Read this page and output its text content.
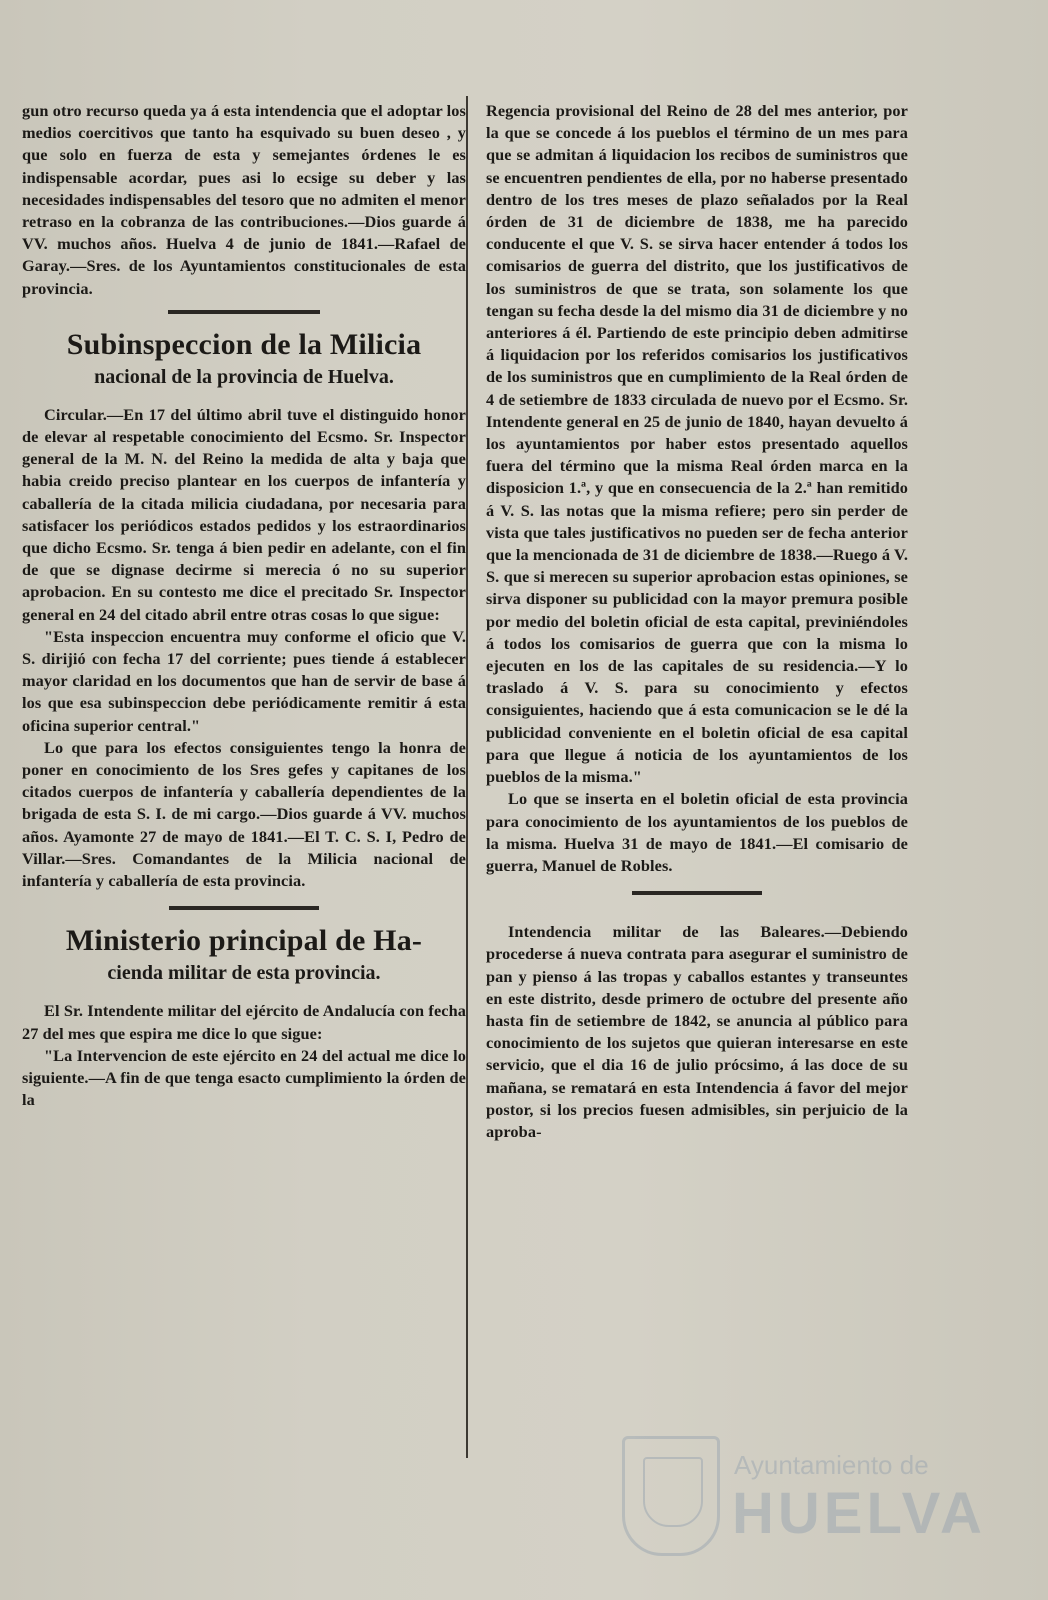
gun otro recurso queda ya á esta intendencia que el adoptar los medios coercitivos que tanto ha esquivado su buen deseo , y que solo en fuerza de esta y semejantes órdenes le es indispensable acordar, pues asi lo ecsige su deber y las necesidades indispensables del tesoro que no admiten el menor retraso en la cobranza de las contribuciones.—Dios guarde á VV. muchos años. Huelva 4 de junio de 1841.—Rafael de Garay.—Sres. de los Ayuntamientos constitucionales de esta provincia.

Subinspeccion de la Milicia
nacional de la provincia de Huelva.

Circular.—En 17 del último abril tuve el distinguido honor de elevar al respetable conocimiento del Ecsmo. Sr. Inspector general de la M. N. del Reino la medida de alta y baja que habia creido preciso plantear en los cuerpos de infantería y caballería de la citada milicia ciudadana, por necesaria para satisfacer los periódicos estados pedidos y los estraordinarios que dicho Ecsmo. Sr. tenga á bien pedir en adelante, con el fin de que se dignase decirme si merecia ó no su superior aprobacion. En su contesto me dice el precitado Sr. Inspector general en 24 del citado abril entre otras cosas lo que sigue:

"Esta inspeccion encuentra muy conforme el oficio que V. S. dirijió con fecha 17 del corriente; pues tiende á establecer mayor claridad en los documentos que han de servir de base á los que esa subinspeccion debe periódicamente remitir á esta oficina superior central."

Lo que para los efectos consiguientes tengo la honra de poner en conocimiento de los Sres gefes y capitanes de los citados cuerpos de infantería y caballería dependientes de la brigada de esta S. I. de mi cargo.—Dios guarde á VV. muchos años. Ayamonte 27 de mayo de 1841.—El T. C. S. I, Pedro de Villar.—Sres. Comandantes de la Milicia nacional de infantería y caballería de esta provincia.

Ministerio principal de Ha-
cienda militar de esta provincia.

El Sr. Intendente militar del ejército de Andalucía con fecha 27 del mes que espira me dice lo que sigue:

"La Intervencion de este ejército en 24 del actual me dice lo siguiente.—A fin de que tenga esacto cumplimiento la órden de la

Regencia provisional del Reino de 28 del mes anterior, por la que se concede á los pueblos el término de un mes para que se admitan á liquidacion los recibos de suministros que se encuentren pendientes de ella, por no haberse presentado dentro de los tres meses de plazo señalados por la Real órden de 31 de diciembre de 1838, me ha parecido conducente el que V. S. se sirva hacer entender á todos los comisarios de guerra del distrito, que los justificativos de los suministros de que se trata, son solamente los que tengan su fecha desde la del mismo dia 31 de diciembre y no anteriores á él. Partiendo de este principio deben admitirse á liquidacion por los referidos comisarios los justificativos de los suministros que en cumplimiento de la Real órden de 4 de setiembre de 1833 circulada de nuevo por el Ecsmo. Sr. Intendente general en 25 de junio de 1840, hayan devuelto á los ayuntamientos por haber estos presentado aquellos fuera del término que la misma Real órden marca en la disposicion 1.ª, y que en consecuencia de la 2.ª han remitido á V. S. las notas que la misma refiere; pero sin perder de vista que tales justificativos no pueden ser de fecha anterior que la mencionada de 31 de diciembre de 1838.—Ruego á V. S. que si merecen su superior aprobacion estas opiniones, se sirva disponer su publicidad con la mayor premura posible por medio del boletin oficial de esta capital, previniéndoles á todos los comisarios de guerra que con la misma lo ejecuten en los de las capitales de su residencia.—Y lo traslado á V. S. para su conocimiento y efectos consiguientes, haciendo que á esta comunicacion se le dé la publicidad conveniente en el boletin oficial de esa capital para que llegue á noticia de los ayuntamientos de los pueblos de la misma."

Lo que se inserta en el boletin oficial de esta provincia para conocimiento de los ayuntamientos de los pueblos de la misma. Huelva 31 de mayo de 1841.—El comisario de guerra, Manuel de Robles.

Intendencia militar de las Baleares.—Debiendo procederse á nueva contrata para asegurar el suministro de pan y pienso á las tropas y caballos estantes y transeuntes en este distrito, desde primero de octubre del presente año hasta fin de setiembre de 1842, se anuncia al público para conocimiento de los sujetos que quieran interesarse en este servicio, que el dia 16 de julio prócsimo, á las doce de su mañana, se rematará en esta Intendencia á favor del mejor postor, si los precios fuesen admisibles, sin perjuicio de la aproba-

Ayuntamiento de
HUELVA
